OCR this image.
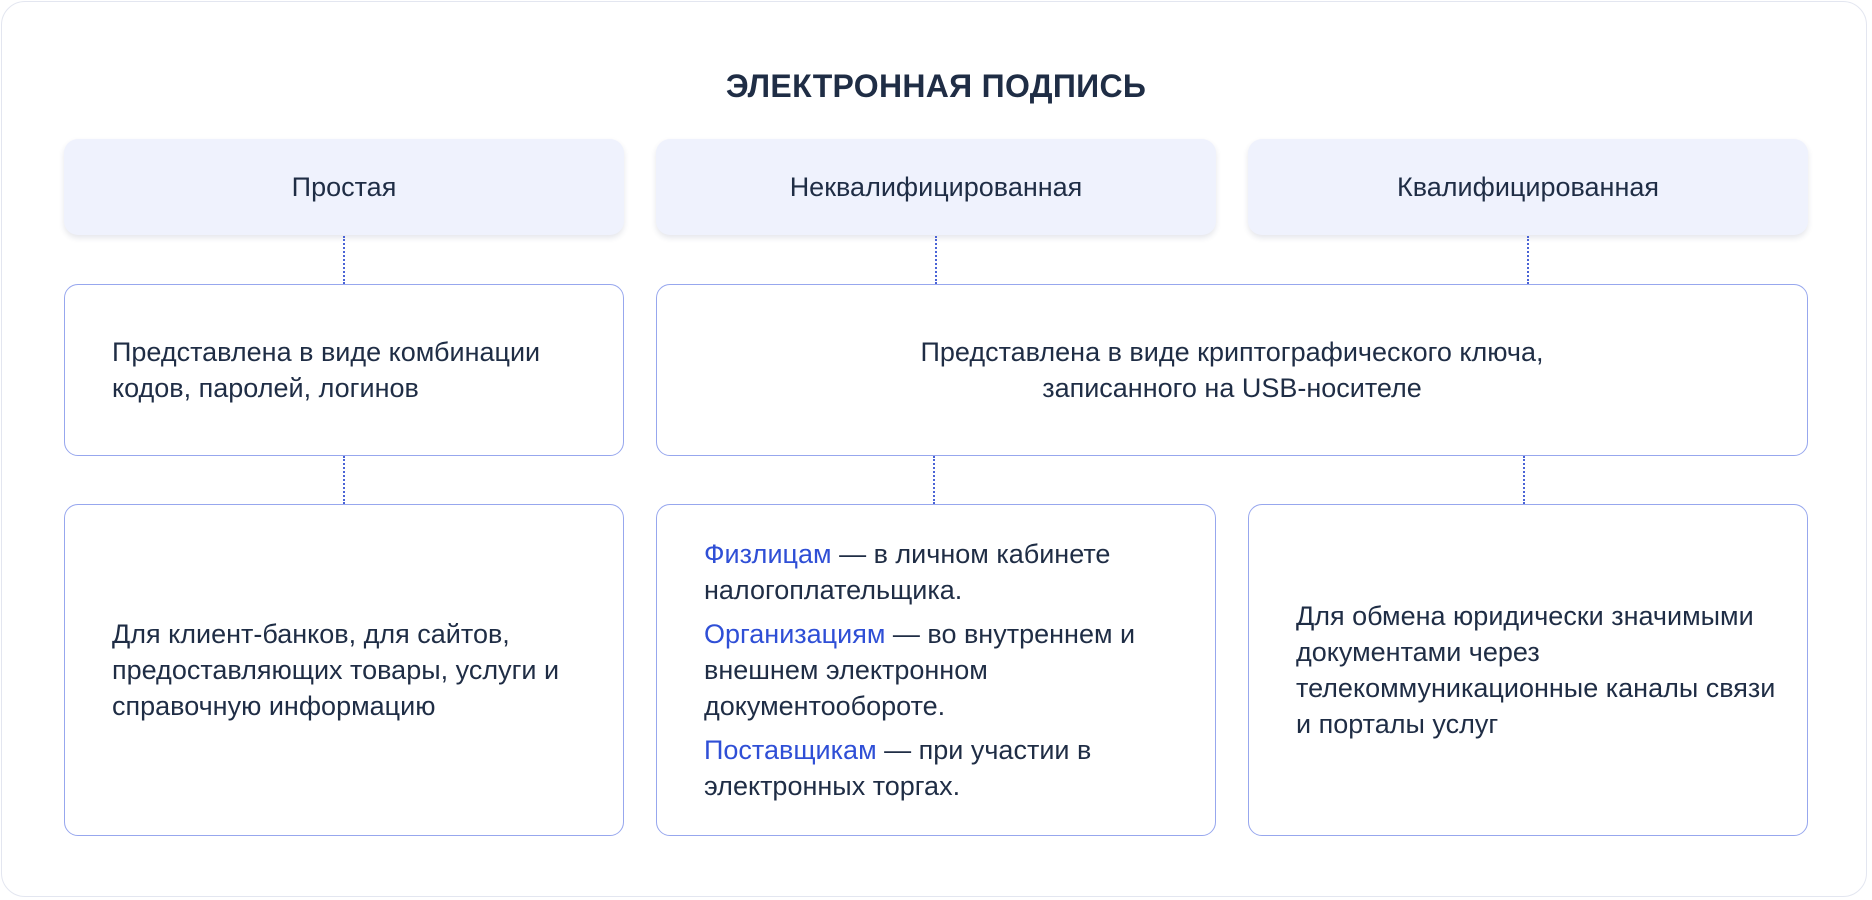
ЭЛЕКТРОННАЯ ПОДПИСЬ
Простая	Неквалифицированная	Квалифицированная
Представлена в виде комбинации кодов, паролей, логинов
Представлена в виде криптографического ключа,
записанного на USB-носителе
Для клиент-банков, для сайтов, предоставляющих товары, услуги и справочную информацию
Физлицам — в личном кабинете налогоплательщика.
Организациям — во внутреннем и внешнем электронном документообороте.
Поставщикам — при участии в электронных торгах.
Для обмена юридически значимыми документами через телекоммуникационные каналы связи и порталы услуг
